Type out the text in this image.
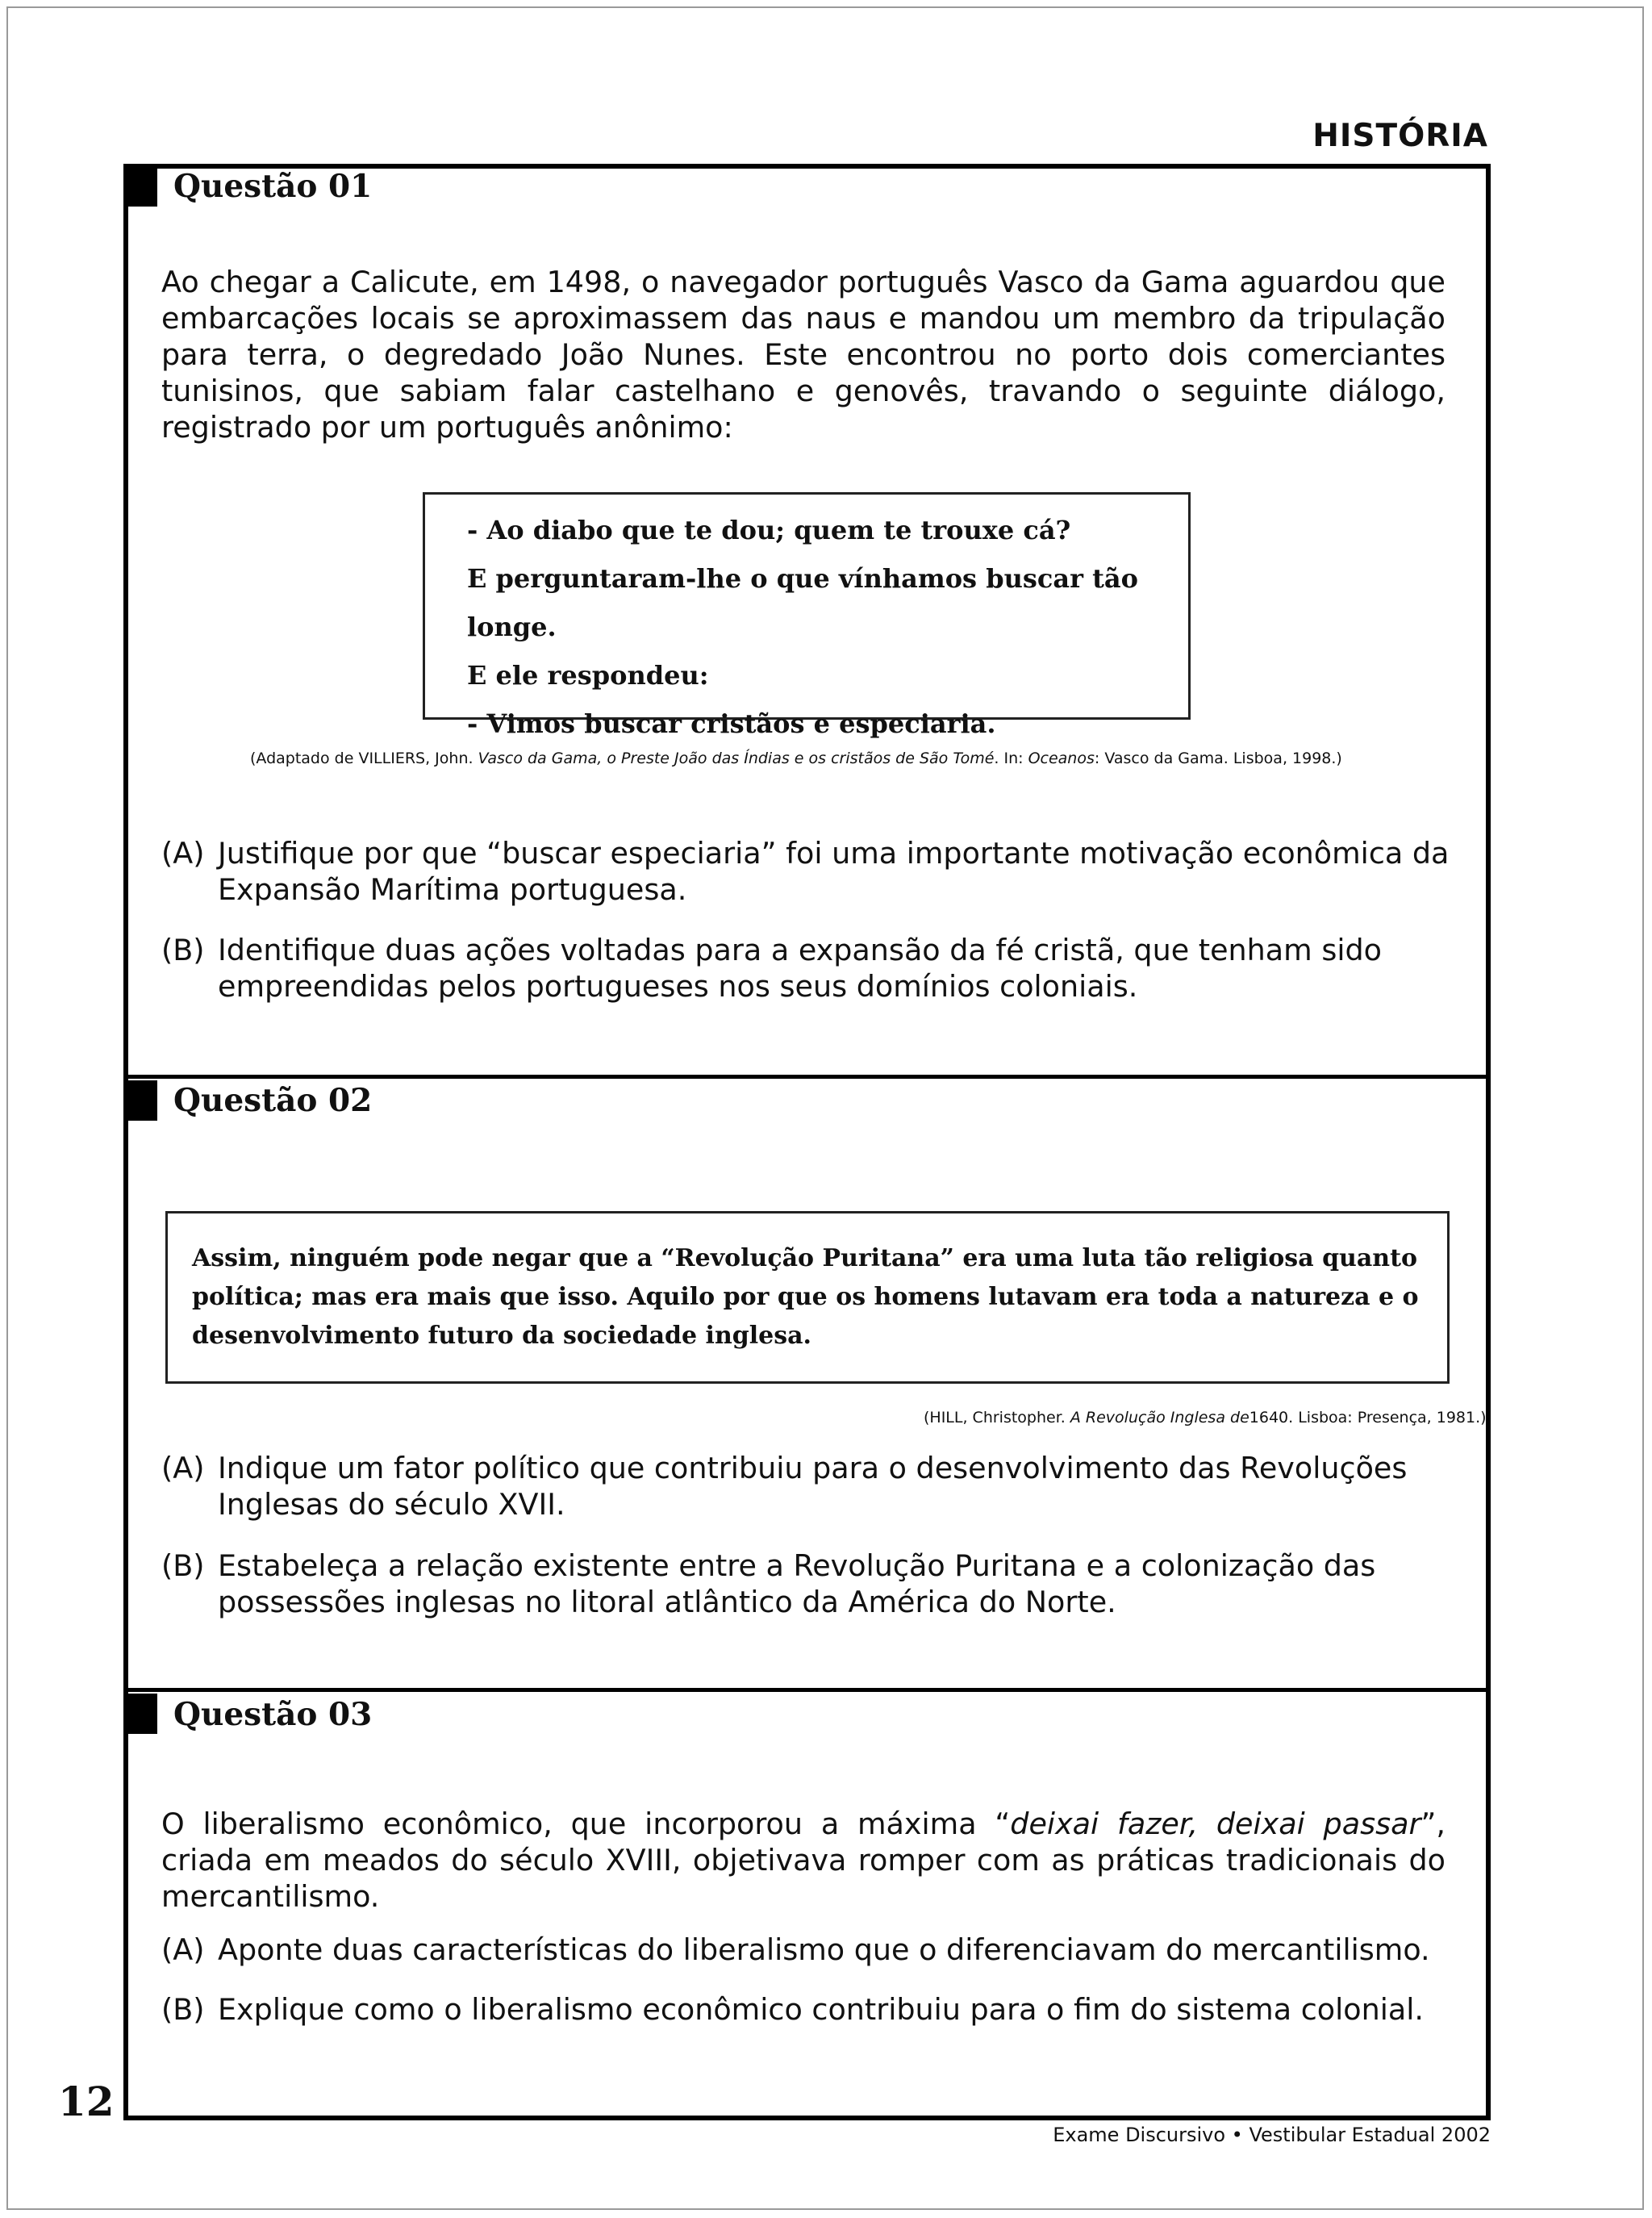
HISTÓRIA
Questão 01

Ao chegar a Calicute, em 1498, o navegador português Vasco da Gama aguardou que embarcações locais se aproximassem das naus e mandou um membro da tripulação para terra, o degredado João Nunes. Este encontrou no porto dois comerciantes tunisinos, que sabiam falar castelhano e genovês, travando o seguinte diálogo, registrado por um português anônimo:

- Ao diabo que te dou; quem te trouxe cá?
E perguntaram-lhe o que vínhamos buscar tão longe.
E ele respondeu:
- Vimos buscar cristãos e especiaria.
(Adaptado de VILLIERS, John. Vasco da Gama, o Preste João das Índias e os cristãos de São Tomé. In: Oceanos: Vasco da Gama. Lisboa, 1998.)
(A) Justifique por que “buscar especiaria” foi uma importante motivação econômica da Expansão Marítima portuguesa.
(B) Identifique duas ações voltadas para a expansão da fé cristã, que tenham sido empreendidas pelos portugueses nos seus domínios coloniais.
Questão 02

Assim, ninguém pode negar que a “Revolução Puritana” era uma luta tão religiosa quanto política; mas era mais que isso. Aquilo por que os homens lutavam era toda a natureza e o desenvolvimento futuro da sociedade inglesa.

(HILL, Christopher. A Revolução Inglesa de1640. Lisboa: Presença, 1981.)
(A) Indique um fator político que contribuiu para o desenvolvimento das Revoluções Inglesas do século XVII.
(B) Estabeleça a relação existente entre a Revolução Puritana e a colonização das possessões inglesas no litoral atlântico da América do Norte.
Questão 03

O liberalismo econômico, que incorporou a máxima “deixai fazer, deixai passar”, criada em meados do século XVIII, objetivava romper com as práticas tradicionais do mercantilismo.

(A) Aponte duas características do liberalismo que o diferenciavam do mercantilismo.
(B) Explique como o liberalismo econômico contribuiu para o fim do sistema colonial.
12
Exame Discursivo • Vestibular Estadual 2002
